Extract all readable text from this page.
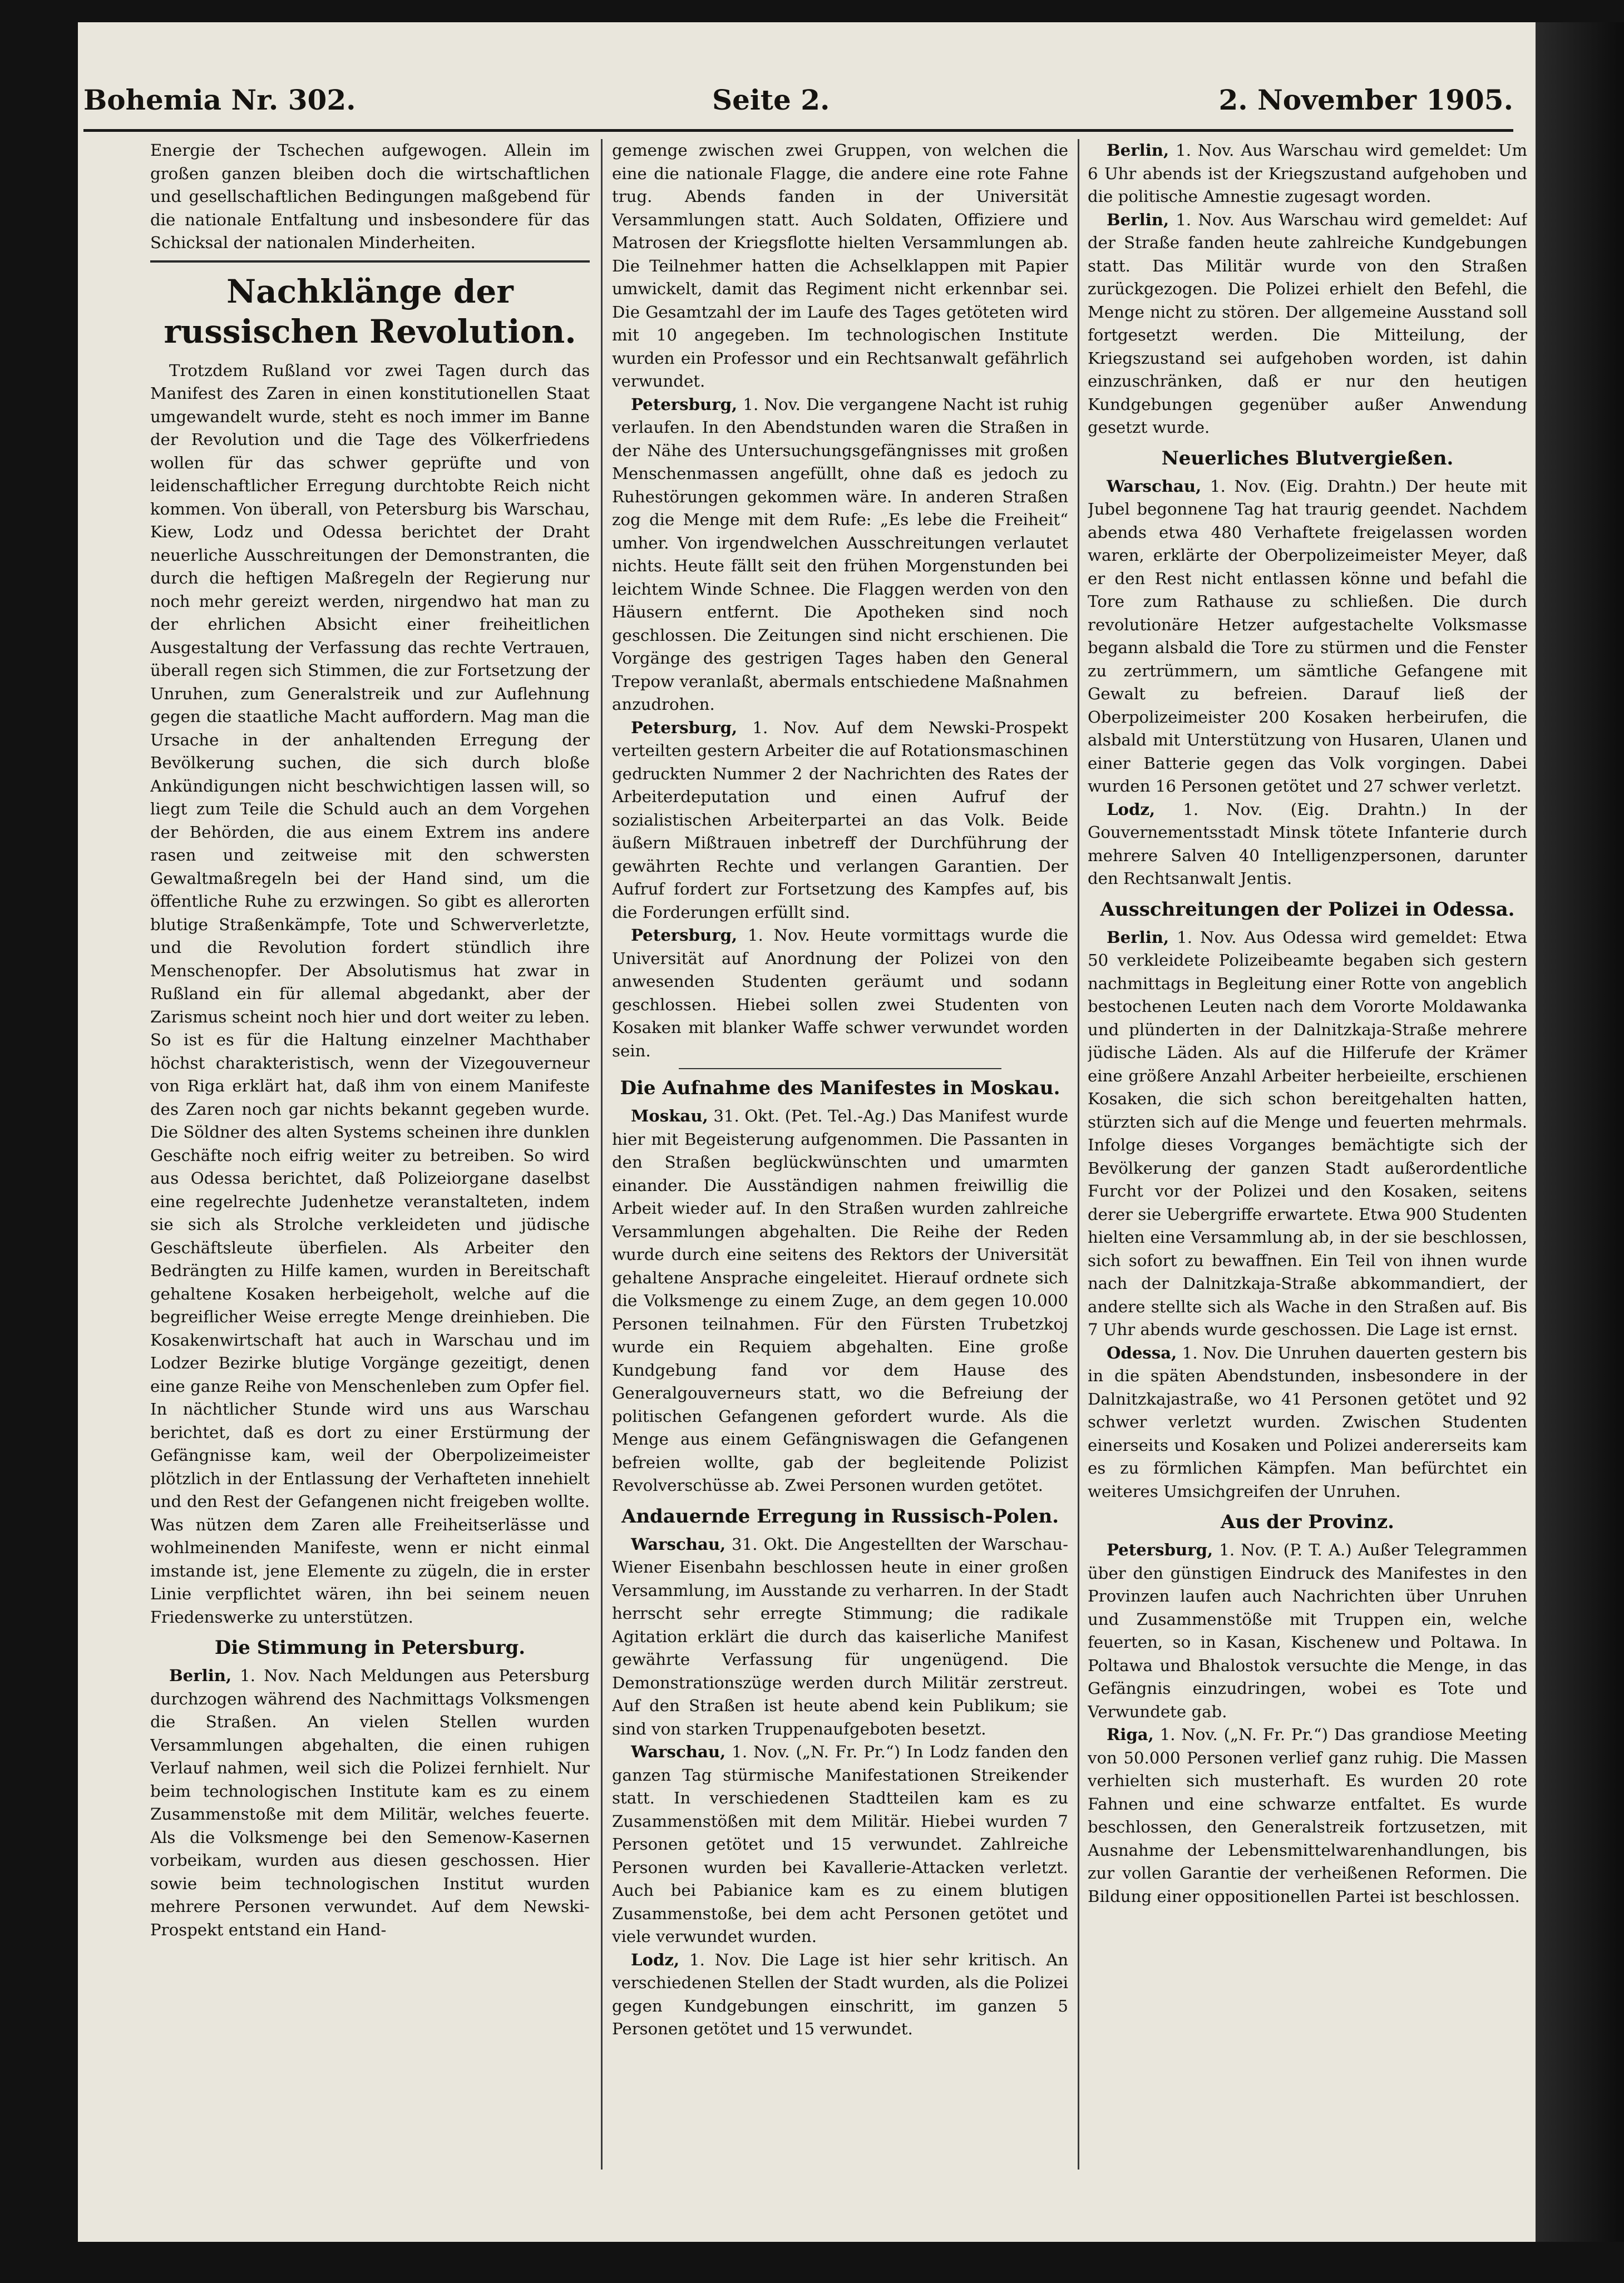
Bohemia Nr. 302.	Seite 2.	2. November 1905.

Energie der Tschechen aufgewogen. Allein im großen ganzen bleiben doch die wirtschaftlichen und gesellschaftlichen Bedingungen maßgebend für die nationale Entfaltung und insbesondere für das Schicksal der nationalen Minderheiten.

Nachklänge der russischen Revolution.

Trotzdem Rußland vor zwei Tagen durch das Manifest des Zaren in einen konstitutionellen Staat umgewandelt wurde, steht es noch immer im Banne der Revolution und die Tage des Völkerfriedens wollen für das schwer geprüfte und von leidenschaftlicher Erregung durchtobte Reich nicht kommen. Von überall, von Petersburg bis Warschau, Kiew, Lodz und Odessa berichtet der Draht neuerliche Ausschreitungen der Demonstranten, die durch die heftigen Maßregeln der Regierung nur noch mehr gereizt werden, nirgendwo hat man zu der ehrlichen Absicht einer freiheitlichen Ausgestaltung der Verfassung das rechte Vertrauen, überall regen sich Stimmen, die zur Fortsetzung der Unruhen, zum Generalstreik und zur Auflehnung gegen die staatliche Macht auffordern. Mag man die Ursache in der anhaltenden Erregung der Bevölkerung suchen, die sich durch bloße Ankündigungen nicht beschwichtigen lassen will, so liegt zum Teile die Schuld auch an dem Vorgehen der Behörden, die aus einem Extrem ins andere rasen und zeitweise mit den schwersten Gewaltmaßregeln bei der Hand sind, um die öffentliche Ruhe zu erzwingen. So gibt es allerorten blutige Straßenkämpfe, Tote und Schwerverletzte, und die Revolution fordert stündlich ihre Menschenopfer. Der Absolutismus hat zwar in Rußland ein für allemal abgedankt, aber der Zarismus scheint noch hier und dort weiter zu leben. So ist es für die Haltung einzelner Machthaber höchst charakteristisch, wenn der Vizegouverneur von Riga erklärt hat, daß ihm von einem Manifeste des Zaren noch gar nichts bekannt gegeben wurde. Die Söldner des alten Systems scheinen ihre dunklen Geschäfte noch eifrig weiter zu betreiben. So wird aus Odessa berichtet, daß Polizeiorgane daselbst eine regelrechte Judenhetze veranstalteten, indem sie sich als Strolche verkleideten und jüdische Geschäftsleute überfielen. Als Arbeiter den Bedrängten zu Hilfe kamen, wurden in Bereitschaft gehaltene Kosaken herbeigeholt, welche auf die begreiflicher Weise erregte Menge dreinhieben. Die Kosakenwirtschaft hat auch in Warschau und im Lodzer Bezirke blutige Vorgänge gezeitigt, denen eine ganze Reihe von Menschenleben zum Opfer fiel. In nächtlicher Stunde wird uns aus Warschau berichtet, daß es dort zu einer Erstürmung der Gefängnisse kam, weil der Oberpolizeimeister plötzlich in der Entlassung der Verhafteten innehielt und den Rest der Gefangenen nicht freigeben wollte. Was nützen dem Zaren alle Freiheitserlässe und wohlmeinenden Manifeste, wenn er nicht einmal imstande ist, jene Elemente zu zügeln, die in erster Linie verpflichtet wären, ihn bei seinem neuen Friedenswerke zu unterstützen.

Die Stimmung in Petersburg.

Berlin, 1. Nov. Nach Meldungen aus Petersburg durchzogen während des Nachmittags Volksmengen die Straßen. An vielen Stellen wurden Versammlungen abgehalten, die einen ruhigen Verlauf nahmen, weil sich die Polizei fernhielt. Nur beim technologischen Institute kam es zu einem Zusammenstoße mit dem Militär, welches feuerte. Als die Volksmenge bei den Semenow-Kasernen vorbeikam, wurden aus diesen geschossen. Hier sowie beim technologischen Institut wurden mehrere Personen verwundet. Auf dem Newski-Prospekt entstand ein Hand-

gemenge zwischen zwei Gruppen, von welchen die eine die nationale Flagge, die andere eine rote Fahne trug. Abends fanden in der Universität Versammlungen statt. Auch Soldaten, Offiziere und Matrosen der Kriegsflotte hielten Versammlungen ab. Die Teilnehmer hatten die Achselklappen mit Papier umwickelt, damit das Regiment nicht erkennbar sei. Die Gesamtzahl der im Laufe des Tages getöteten wird mit 10 angegeben. Im technologischen Institute wurden ein Professor und ein Rechtsanwalt gefährlich verwundet.

Petersburg, 1. Nov. Die vergangene Nacht ist ruhig verlaufen. In den Abendstunden waren die Straßen in der Nähe des Untersuchungsgefängnisses mit großen Menschenmassen angefüllt, ohne daß es jedoch zu Ruhestörungen gekommen wäre. In anderen Straßen zog die Menge mit dem Rufe: „Es lebe die Freiheit“ umher. Von irgendwelchen Ausschreitungen verlautet nichts. Heute fällt seit den frühen Morgenstunden bei leichtem Winde Schnee. Die Flaggen werden von den Häusern entfernt. Die Apotheken sind noch geschlossen. Die Zeitungen sind nicht erschienen. Die Vorgänge des gestrigen Tages haben den General Trepow veranlaßt, abermals entschiedene Maßnahmen anzudrohen.

Petersburg, 1. Nov. Auf dem Newski-Prospekt verteilten gestern Arbeiter die auf Rotationsmaschinen gedruckten Nummer 2 der Nachrichten des Rates der Arbeiterdeputation und einen Aufruf der sozialistischen Arbeiterpartei an das Volk. Beide äußern Mißtrauen inbetreff der Durchführung der gewährten Rechte und verlangen Garantien. Der Aufruf fordert zur Fortsetzung des Kampfes auf, bis die Forderungen erfüllt sind.

Petersburg, 1. Nov. Heute vormittags wurde die Universität auf Anordnung der Polizei von den anwesenden Studenten geräumt und sodann geschlossen. Hiebei sollen zwei Studenten von Kosaken mit blanker Waffe schwer verwundet worden sein.

Die Aufnahme des Manifestes in Moskau.

Moskau, 31. Okt. (Pet. Tel.-Ag.) Das Manifest wurde hier mit Begeisterung aufgenommen. Die Passanten in den Straßen beglückwünschten und umarmten einander. Die Ausständigen nahmen freiwillig die Arbeit wieder auf. In den Straßen wurden zahlreiche Versammlungen abgehalten. Die Reihe der Reden wurde durch eine seitens des Rektors der Universität gehaltene Ansprache eingeleitet. Hierauf ordnete sich die Volksmenge zu einem Zuge, an dem gegen 10.000 Personen teilnahmen. Für den Fürsten Trubetzkoj wurde ein Requiem abgehalten. Eine große Kundgebung fand vor dem Hause des Generalgouverneurs statt, wo die Befreiung der politischen Gefangenen gefordert wurde. Als die Menge aus einem Gefängniswagen die Gefangenen befreien wollte, gab der begleitende Polizist Revolverschüsse ab. Zwei Personen wurden getötet.

Andauernde Erregung in Russisch-Polen.

Warschau, 31. Okt. Die Angestellten der Warschau-Wiener Eisenbahn beschlossen heute in einer großen Versammlung, im Ausstande zu verharren. In der Stadt herrscht sehr erregte Stimmung; die radikale Agitation erklärt die durch das kaiserliche Manifest gewährte Verfassung für ungenügend. Die Demonstrationszüge werden durch Militär zerstreut. Auf den Straßen ist heute abend kein Publikum; sie sind von starken Truppenaufgeboten besetzt.

Warschau, 1. Nov. („N. Fr. Pr.“) In Lodz fanden den ganzen Tag stürmische Manifestationen Streikender statt. In verschiedenen Stadtteilen kam es zu Zusammenstößen mit dem Militär. Hiebei wurden 7 Personen getötet und 15 verwundet. Zahlreiche Personen wurden bei Kavallerie-Attacken verletzt. Auch bei Pabianice kam es zu einem blutigen Zusammenstoße, bei dem acht Personen getötet und viele verwundet wurden.

Lodz, 1. Nov. Die Lage ist hier sehr kritisch. An verschiedenen Stellen der Stadt wurden, als die Polizei gegen Kundgebungen einschritt, im ganzen 5 Personen getötet und 15 verwundet.

Berlin, 1. Nov. Aus Warschau wird gemeldet: Um 6 Uhr abends ist der Kriegszustand aufgehoben und die politische Amnestie zugesagt worden.

Berlin, 1. Nov. Aus Warschau wird gemeldet: Auf der Straße fanden heute zahlreiche Kundgebungen statt. Das Militär wurde von den Straßen zurückgezogen. Die Polizei erhielt den Befehl, die Menge nicht zu stören. Der allgemeine Ausstand soll fortgesetzt werden. Die Mitteilung, der Kriegszustand sei aufgehoben worden, ist dahin einzuschränken, daß er nur den heutigen Kundgebungen gegenüber außer Anwendung gesetzt wurde.

Neuerliches Blutvergießen.

Warschau, 1. Nov. (Eig. Drahtn.) Der heute mit Jubel begonnene Tag hat traurig geendet. Nachdem abends etwa 480 Verhaftete freigelassen worden waren, erklärte der Oberpolizeimeister Meyer, daß er den Rest nicht entlassen könne und befahl die Tore zum Rathause zu schließen. Die durch revolutionäre Hetzer aufgestachelte Volksmasse begann alsbald die Tore zu stürmen und die Fenster zu zertrümmern, um sämtliche Gefangene mit Gewalt zu befreien. Darauf ließ der Oberpolizeimeister 200 Kosaken herbeirufen, die alsbald mit Unterstützung von Husaren, Ulanen und einer Batterie gegen das Volk vorgingen. Dabei wurden 16 Personen getötet und 27 schwer verletzt.

Lodz, 1. Nov. (Eig. Drahtn.) In der Gouvernementsstadt Minsk tötete Infanterie durch mehrere Salven 40 Intelligenzpersonen, darunter den Rechtsanwalt Jentis.

Ausschreitungen der Polizei in Odessa.

Berlin, 1. Nov. Aus Odessa wird gemeldet: Etwa 50 verkleidete Polizeibeamte begaben sich gestern nachmittags in Begleitung einer Rotte von angeblich bestochenen Leuten nach dem Vororte Moldawanka und plünderten in der Dalnitzkaja-Straße mehrere jüdische Läden. Als auf die Hilferufe der Krämer eine größere Anzahl Arbeiter herbeieilte, erschienen Kosaken, die sich schon bereitgehalten hatten, stürzten sich auf die Menge und feuerten mehrmals. Infolge dieses Vorganges bemächtigte sich der Bevölkerung der ganzen Stadt außerordentliche Furcht vor der Polizei und den Kosaken, seitens derer sie Uebergriffe erwartete. Etwa 900 Studenten hielten eine Versammlung ab, in der sie beschlossen, sich sofort zu bewaffnen. Ein Teil von ihnen wurde nach der Dalnitzkaja-Straße abkommandiert, der andere stellte sich als Wache in den Straßen auf. Bis 7 Uhr abends wurde geschossen. Die Lage ist ernst.

Odessa, 1. Nov. Die Unruhen dauerten gestern bis in die späten Abendstunden, insbesondere in der Dalnitzkajastraße, wo 41 Personen getötet und 92 schwer verletzt wurden. Zwischen Studenten einerseits und Kosaken und Polizei andererseits kam es zu förmlichen Kämpfen. Man befürchtet ein weiteres Umsichgreifen der Unruhen.

Aus der Provinz.

Petersburg, 1. Nov. (P. T. A.) Außer Telegrammen über den günstigen Eindruck des Manifestes in den Provinzen laufen auch Nachrichten über Unruhen und Zusammenstöße mit Truppen ein, welche feuerten, so in Kasan, Kischenew und Poltawa. In Poltawa und Bhalostok versuchte die Menge, in das Gefängnis einzudringen, wobei es Tote und Verwundete gab.

Riga, 1. Nov. („N. Fr. Pr.“) Das grandiose Meeting von 50.000 Personen verlief ganz ruhig. Die Massen verhielten sich musterhaft. Es wurden 20 rote Fahnen und eine schwarze entfaltet. Es wurde beschlossen, den Generalstreik fortzusetzen, mit Ausnahme der Lebensmittelwarenhandlungen, bis zur vollen Garantie der verheißenen Reformen. Die Bildung einer oppositionellen Partei ist beschlossen.
